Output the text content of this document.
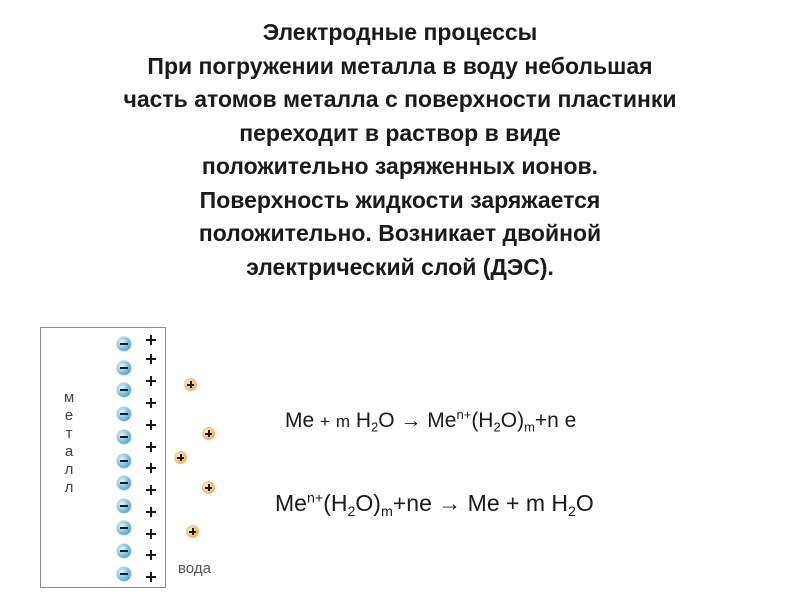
Электродные процессы
При погружении металла в воду небольшая
часть атомов металла с поверхности пластинки
переходит в раствор в виде
положительно заряженных ионов.
Поверхность жидкости заряжается
положительно. Возникает двойной
электрический слой (ДЭС).
м
е
т
а
л
л
вода
Me + m $H_2O \to Me^{n+}(H_2O)_m+n$ e
$Me^{n+}(H_2O)_m+ne \to Me + m$ $H_2O$
